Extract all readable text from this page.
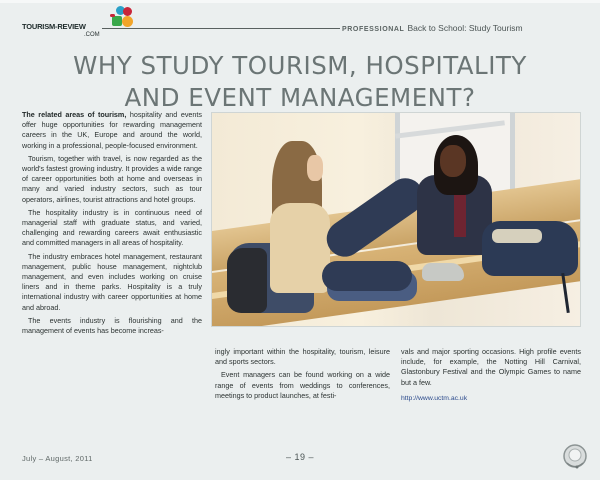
TOURISM-REVIEW
.COM
PROFESSIONAL Back to School: Study Tourism
WHY STUDY TOURISM, HOSPITALITY
AND EVENT MANAGEMENT?

The related areas of tourism, hospitality and events offer huge opportunities for rewarding management careers in the UK, Europe and around the world, working in a professional, people-focused environment.

Tourism, together with travel, is now regarded as the world's fastest growing industry. It provides a wide range of career opportunities both at home and overseas in many and varied industry sectors, such as tour operators, airlines, tourist attractions and hotel groups.

The hospitality industry is in continuous need of managerial staff with graduate status, and varied, challenging and rewarding careers await enthusiastic and committed managers in all areas of hospitality.

The industry embraces hotel management, restaurant management, public house management, nightclub management, and even includes working on cruise liners and in theme parks. Hospitality is a truly international industry with career opportunities at home and abroad.

The events industry is flourishing and the management of events has become increas-

ingly important within the hospitality, tourism, leisure and sports sectors.

Event managers can be found working on a wide range of events from weddings to conferences, meetings to product launches, at festi-

vals and major sporting occasions. High profile events include, for example, the Notting Hill Carnival, Glastonbury Festival and the Olympic Games to name but a few.

http://www.uctm.ac.uk
July – August, 2011	– 19 –
